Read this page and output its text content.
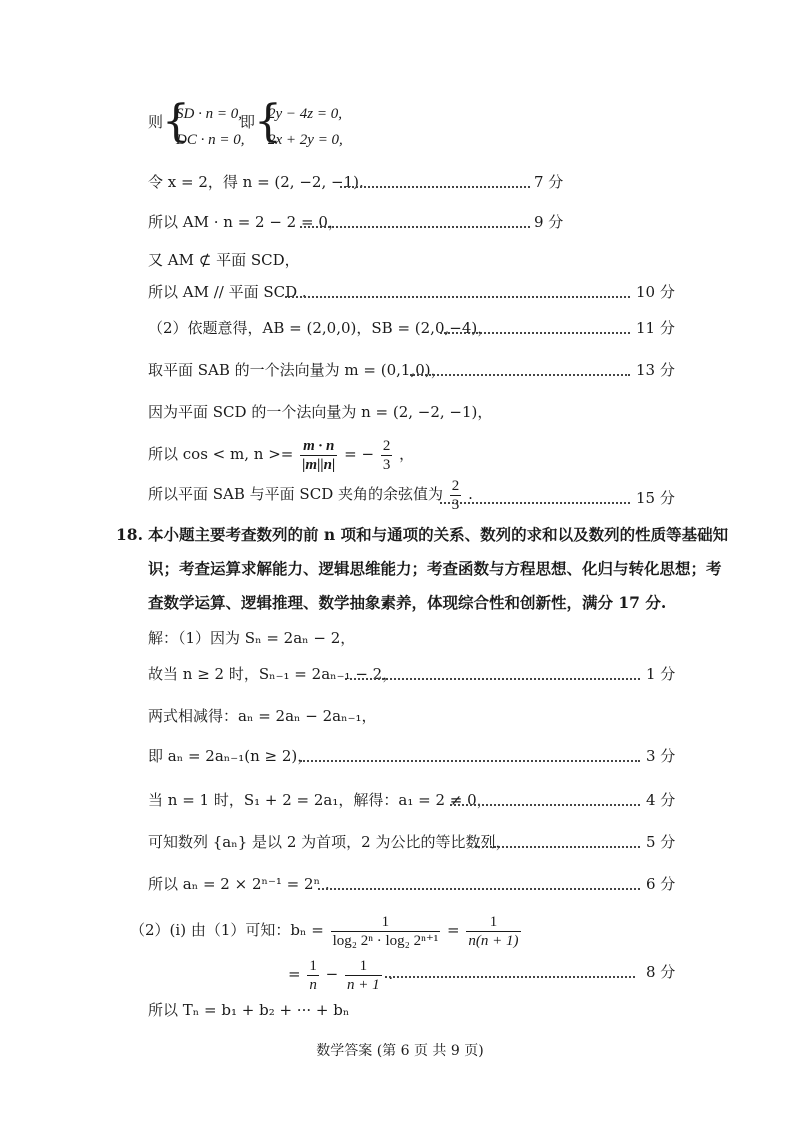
则
{
SD · n = 0,
DC · n = 0,
即
{
2y − 4z = 0,
2x + 2y = 0,
令 x = 2，得 n = (2, −2, −1).	7 分
所以 AM · n = 2 − 2 = 0，	9 分
又 AM ⊄ 平面 SCD，
所以 AM // 平面 SCD .	10 分
（2）依题意得，AB = (2,0,0)，SB = (2,0,−4)，	11 分
取平面 SAB 的一个法向量为 m = (0,1,0)，	13 分
因为平面 SCD 的一个法向量为 n = (2, −2, −1)，
所以 cos < m, $n >= \frac{m \cdot n}{|m||n|}$ = − $\frac{2}{3}$ ，
所以平面 SAB 与平面 SCD 夹角的余弦值为 $\frac{2}{3}$ .	15 分
18. 本小题主要考查数列的前 n 项和与通项的关系、数列的求和以及数列的性质等基础知
识；考查运算求解能力、逻辑思维能力；考查函数与方程思想、化归与转化思想；考
查数学运算、逻辑推理、数学抽象素养，体现综合性和创新性，满分 17 分.
解：（1）因为 Sₙ = 2aₙ − 2，
故当 n ≥ 2 时，Sₙ₋₁ = 2aₙ₋₁ − 2，	1 分
两式相减得：aₙ = 2aₙ − 2aₙ₋₁，
即 aₙ = 2aₙ₋₁(n ≥ 2)，	3 分
当 n = 1 时，S₁ + 2 = 2a₁，解得：a₁ = 2 ≠ 0，	4 分
可知数列 {aₙ} 是以 2 为首项，2 为公比的等比数列，	5 分
所以 aₙ = 2 × 2ⁿ⁻¹ = 2ⁿ .	6 分
（2）(i) 由（1）可知：$b_n = \frac{1}{\text{log₂ 2ⁿ · log₂ 2ⁿ⁺¹}} = \frac{1}{n(n + 1)}$
= $\frac{1}{n} - \frac{1}{n + 1}$ .	8 分
所以 Tₙ = b₁ + b₂ + ··· + bₙ
数学答案 (第 6 页 共 9 页)
